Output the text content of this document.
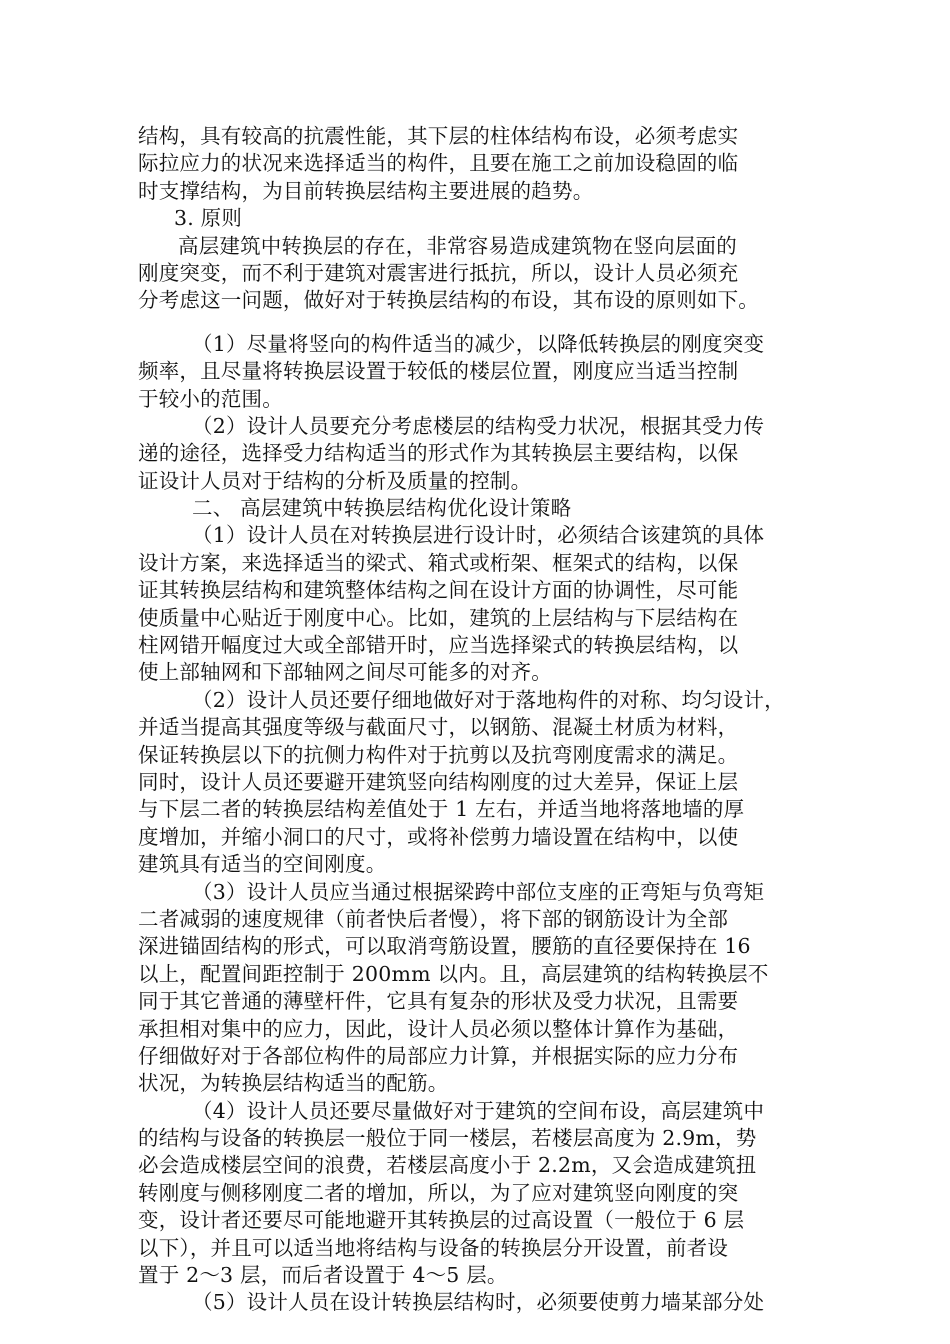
结构，具有较高的抗震性能，其下层的柱体结构布设，必须考虑实
际拉应力的状况来选择适当的构件，且要在施工之前加设稳固的临
时支撑结构，为目前转换层结构主要进展的趋势。
3. 原则
高层建筑中转换层的存在，非常容易造成建筑物在竖向层面的
刚度突变，而不利于建筑对震害进行抵抗，所以，设计人员必须充
分考虑这一问题，做好对于转换层结构的布设，其布设的原则如下。
（1）尽量将竖向的构件适当的减少，以降低转换层的刚度突变
频率，且尽量将转换层设置于较低的楼层位置，刚度应当适当控制
于较小的范围。
（2）设计人员要充分考虑楼层的结构受力状况，根据其受力传
递的途径，选择受力结构适当的形式作为其转换层主要结构，以保
证设计人员对于结构的分析及质量的控制。
二、 高层建筑中转换层结构优化设计策略
（1）设计人员在对转换层进行设计时，必须结合该建筑的具体
设计方案，来选择适当的梁式、箱式或桁架、框架式的结构，以保
证其转换层结构和建筑整体结构之间在设计方面的协调性，尽可能
使质量中心贴近于刚度中心。比如，建筑的上层结构与下层结构在
柱网错开幅度过大或全部错开时，应当选择梁式的转换层结构，以
使上部轴网和下部轴网之间尽可能多的对齐。
（2）设计人员还要仔细地做好对于落地构件的对称、均匀设计，
并适当提高其强度等级与截面尺寸，以钢筋、混凝土材质为材料，
保证转换层以下的抗侧力构件对于抗剪以及抗弯刚度需求的满足。
同时，设计人员还要避开建筑竖向结构刚度的过大差异，保证上层
与下层二者的转换层结构差值处于 1 左右，并适当地将落地墙的厚
度增加，并缩小洞口的尺寸，或将补偿剪力墙设置在结构中，以使
建筑具有适当的空间刚度。
（3）设计人员应当通过根据梁跨中部位支座的正弯矩与负弯矩
二者减弱的速度规律（前者快后者慢），将下部的钢筋设计为全部
深进锚固结构的形式，可以取消弯筋设置，腰筋的直径要保持在 16
以上，配置间距控制于 200mm 以内。且，高层建筑的结构转换层不
同于其它普通的薄壁杆件，它具有复杂的形状及受力状况，且需要
承担相对集中的应力，因此，设计人员必须以整体计算作为基础，
仔细做好对于各部位构件的局部应力计算，并根据实际的应力分布
状况，为转换层结构适当的配筋。
（4）设计人员还要尽量做好对于建筑的空间布设，高层建筑中
的结构与设备的转换层一般位于同一楼层，若楼层高度为 2.9m，势
必会造成楼层空间的浪费，若楼层高度小于 2.2m，又会造成建筑扭
转刚度与侧移刚度二者的增加，所以，为了应对建筑竖向刚度的突
变，设计者还要尽可能地避开其转换层的过高设置（一般位于 6 层
以下），并且可以适当地将结构与设备的转换层分开设置，前者设
置于 2～3 层，而后者设置于 4～5 层。
（5）设计人员在设计转换层结构时，必须要使剪力墙某部分处
